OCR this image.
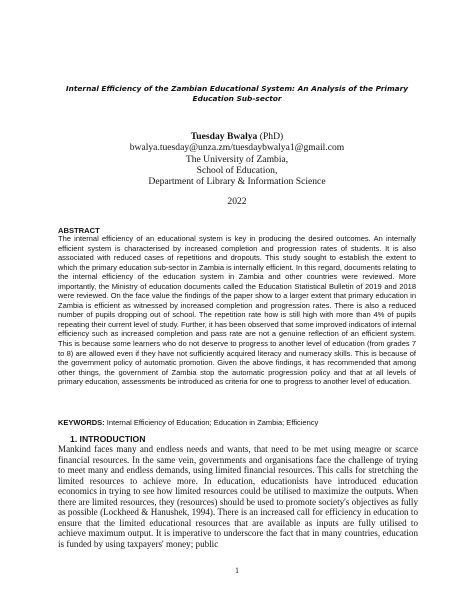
Internal Efficiency of the Zambian Educational System: An Analysis of the Primary Education Sub-sector
Tuesday Bwalya (PhD)
bwalya.tuesday@unza.zm/tuesdaybwalya1@gmail.com
The University of Zambia,
School of Education,
Department of Library & Information Science
2022
ABSTRACT

The internal efficiency of an educational system is key in producing the desired outcomes. An internally efficient system is characterised by increased completion and progression rates of students. It is also associated with reduced cases of repetitions and dropouts. This study sought to establish the extent to which the primary education sub-sector in Zambia is internally efficient. In this regard, documents relating to the internal efficiency of the education system in Zambia and other countries were reviewed. More importantly, the Ministry of education documents called the Education Statistical Bulletin of 2019 and 2018 were reviewed. On the face value the findings of the paper show to a larger extent that primary education in Zambia is efficient as witnessed by increased completion and progression rates. There is also a reduced number of pupils dropping out of school. The repetition rate how is still high with more than 4% of pupils repeating their current level of study. Further, it has been observed that some improved indicators of internal efficiency such as increased completion and pass rate are not a genuine reflection of an efficient system. This is because some learners who do not deserve to progress to another level of education (from grades 7 to 8) are allowed even if they have not sufficiently acquired literacy and numeracy skills. This is because of the government policy of automatic promotion. Given the above findings, it has recommended that among other things, the government of Zambia stop the automatic progression policy and that at all levels of primary education, assessments be introduced as criteria for one to progress to another level of education.

KEYWORDS: Internal Efficiency of Education; Education in Zambia; Efficiency
1. INTRODUCTION

Mankind faces many and endless needs and wants, that need to be met using meagre or scarce financial resources. In the same vein, governments and organisations face the challenge of trying to meet many and endless demands, using limited financial resources. This calls for stretching the limited resources to achieve more. In education, educationists have introduced education economics in trying to see how limited resources could be utilised to maximize the outputs. When there are limited resources, they (resources) should be used to promote society's objectives as fully as possible (Lockheed & Hanushek, 1994). There is an increased call for efficiency in education to ensure that the limited educational resources that are available as inputs are fully utilised to achieve maximum output. It is imperative to underscore the fact that in many countries, education is funded by using taxpayers' money; public

1
